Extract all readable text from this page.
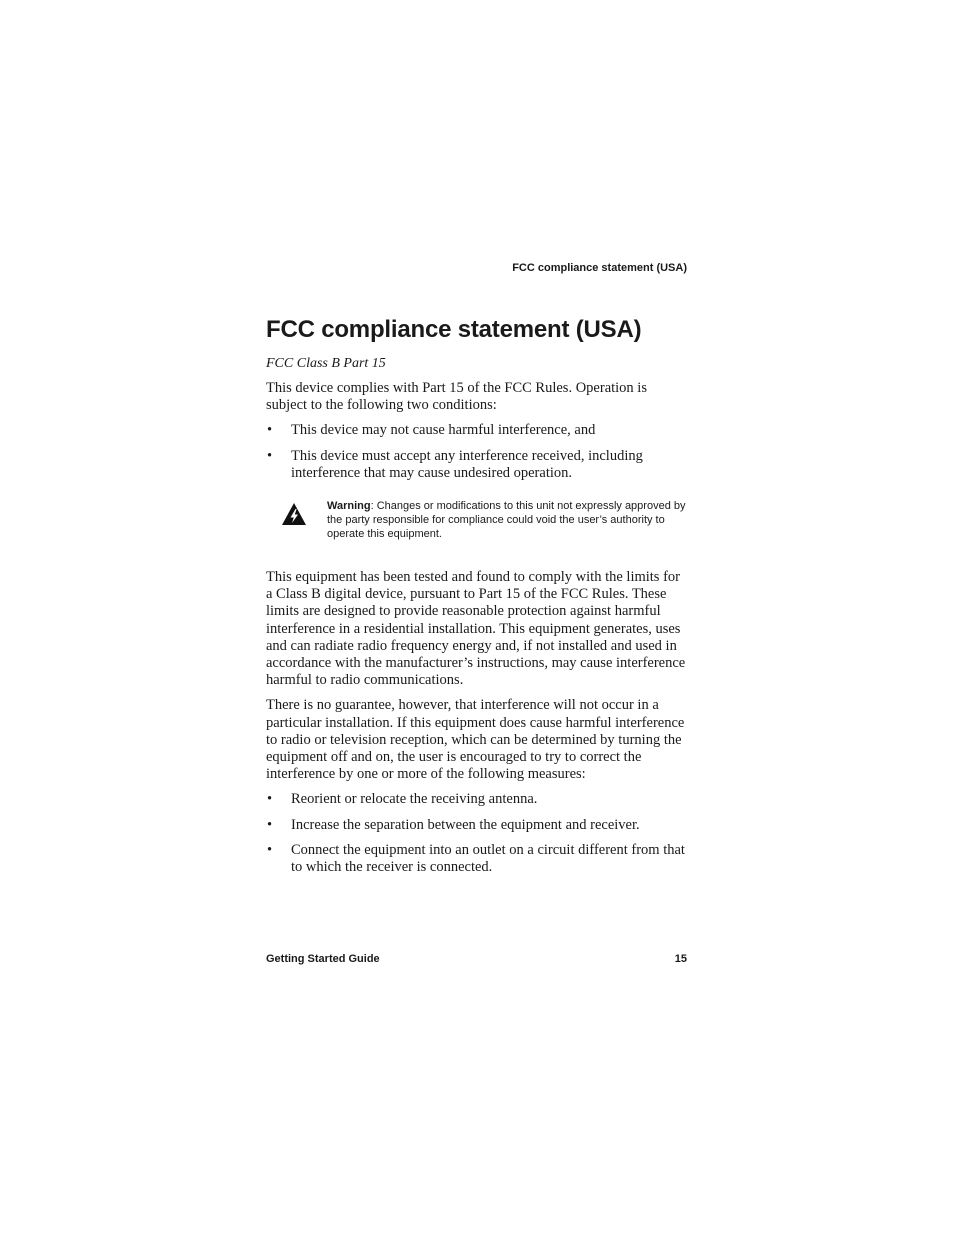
FCC compliance statement (USA)
FCC compliance statement (USA)
FCC Class B Part 15

This device complies with Part 15 of the FCC Rules. Operation is subject to the following two conditions:

• This device may not cause harmful interference, and
• This device must accept any interference received, including interference that may cause undesired operation.
Warning: Changes or modifications to this unit not expressly approved by the party responsible for compliance could void the user’s authority to operate this equipment.

This equipment has been tested and found to comply with the limits for a Class B digital device, pursuant to Part 15 of the FCC Rules. These limits are designed to provide reasonable protection against harmful interference in a residential installation. This equipment generates, uses and can radiate radio frequency energy and, if not installed and used in accordance with the manufacturer’s instructions, may cause interference harmful to radio communications.

There is no guarantee, however, that interference will not occur in a particular installation. If this equipment does cause harmful interference to radio or television reception, which can be determined by turning the equipment off and on, the user is encouraged to try to correct the interference by one or more of the following measures:

• Reorient or relocate the receiving antenna.
• Increase the separation between the equipment and receiver.
• Connect the equipment into an outlet on a circuit different from that to which the receiver is connected.
Getting Started Guide	15
